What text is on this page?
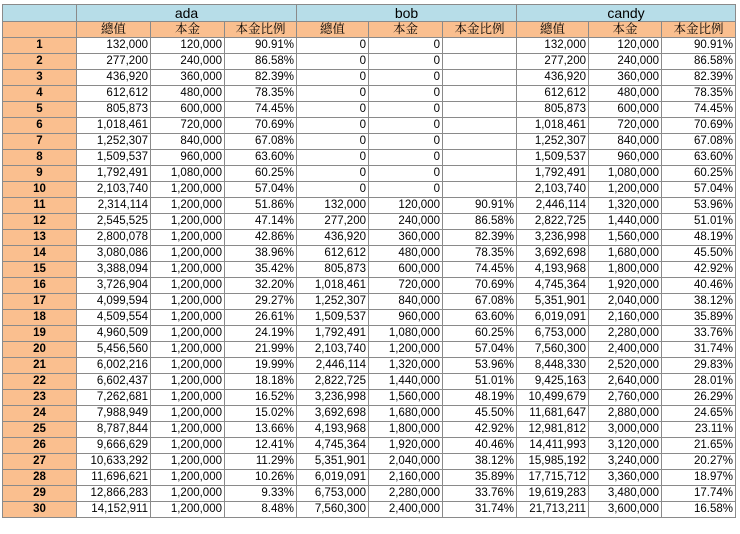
	ada			bob			candy		
	總值	本金	本金比例	總值	本金	本金比例	總值	本金	本金比例
1	132,000	120,000	90.91%	0	0		132,000	120,000	90.91%
2	277,200	240,000	86.58%	0	0		277,200	240,000	86.58%
3	436,920	360,000	82.39%	0	0		436,920	360,000	82.39%
4	612,612	480,000	78.35%	0	0		612,612	480,000	78.35%
5	805,873	600,000	74.45%	0	0		805,873	600,000	74.45%
6	1,018,461	720,000	70.69%	0	0		1,018,461	720,000	70.69%
7	1,252,307	840,000	67.08%	0	0		1,252,307	840,000	67.08%
8	1,509,537	960,000	63.60%	0	0		1,509,537	960,000	63.60%
9	1,792,491	1,080,000	60.25%	0	0		1,792,491	1,080,000	60.25%
10	2,103,740	1,200,000	57.04%	0	0		2,103,740	1,200,000	57.04%
11	2,314,114	1,200,000	51.86%	132,000	120,000	90.91%	2,446,114	1,320,000	53.96%
12	2,545,525	1,200,000	47.14%	277,200	240,000	86.58%	2,822,725	1,440,000	51.01%
13	2,800,078	1,200,000	42.86%	436,920	360,000	82.39%	3,236,998	1,560,000	48.19%
14	3,080,086	1,200,000	38.96%	612,612	480,000	78.35%	3,692,698	1,680,000	45.50%
15	3,388,094	1,200,000	35.42%	805,873	600,000	74.45%	4,193,968	1,800,000	42.92%
16	3,726,904	1,200,000	32.20%	1,018,461	720,000	70.69%	4,745,364	1,920,000	40.46%
17	4,099,594	1,200,000	29.27%	1,252,307	840,000	67.08%	5,351,901	2,040,000	38.12%
18	4,509,554	1,200,000	26.61%	1,509,537	960,000	63.60%	6,019,091	2,160,000	35.89%
19	4,960,509	1,200,000	24.19%	1,792,491	1,080,000	60.25%	6,753,000	2,280,000	33.76%
20	5,456,560	1,200,000	21.99%	2,103,740	1,200,000	57.04%	7,560,300	2,400,000	31.74%
21	6,002,216	1,200,000	19.99%	2,446,114	1,320,000	53.96%	8,448,330	2,520,000	29.83%
22	6,602,437	1,200,000	18.18%	2,822,725	1,440,000	51.01%	9,425,163	2,640,000	28.01%
23	7,262,681	1,200,000	16.52%	3,236,998	1,560,000	48.19%	10,499,679	2,760,000	26.29%
24	7,988,949	1,200,000	15.02%	3,692,698	1,680,000	45.50%	11,681,647	2,880,000	24.65%
25	8,787,844	1,200,000	13.66%	4,193,968	1,800,000	42.92%	12,981,812	3,000,000	23.11%
26	9,666,629	1,200,000	12.41%	4,745,364	1,920,000	40.46%	14,411,993	3,120,000	21.65%
27	10,633,292	1,200,000	11.29%	5,351,901	2,040,000	38.12%	15,985,192	3,240,000	20.27%
28	11,696,621	1,200,000	10.26%	6,019,091	2,160,000	35.89%	17,715,712	3,360,000	18.97%
29	12,866,283	1,200,000	9.33%	6,753,000	2,280,000	33.76%	19,619,283	3,480,000	17.74%
30	14,152,911	1,200,000	8.48%	7,560,300	2,400,000	31.74%	21,713,211	3,600,000	16.58%
